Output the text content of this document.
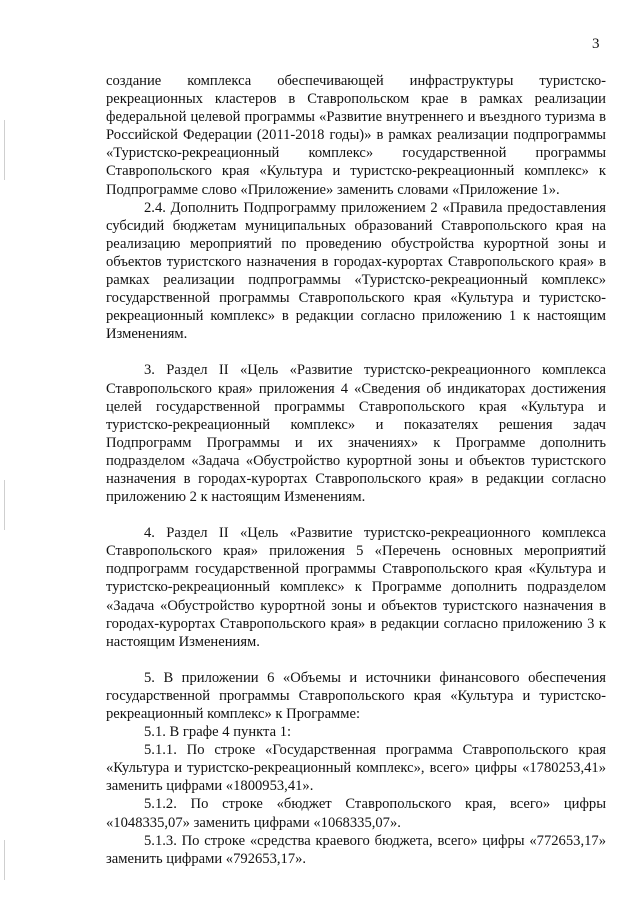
3

создание комплекса обеспечивающей инфраструктуры туристско-рекреационных кластеров в Ставропольском крае в рамках реализации федеральной целевой программы «Развитие внутреннего и въездного туризма в Российской Федерации (2011-2018 годы)» в рамках реализации подпрограммы «Туристско-рекреационный комплекс» государственной программы Ставропольского края «Культура и туристско-рекреационный комплекс» к Подпрограмме слово «Приложение» заменить словами «Приложение 1».

2.4. Дополнить Подпрограмму приложением 2 «Правила предоставления субсидий бюджетам муниципальных образований Ставропольского края на реализацию мероприятий по проведению обустройства курортной зоны и объектов туристского назначения в городах-курортах Ставропольского края» в рамках реализации подпрограммы «Туристско-рекреационный комплекс» государственной программы Ставропольского края «Культура и туристско-рекреационный комплекс» в редакции согласно приложению 1 к настоящим Изменениям.

3. Раздел II «Цель «Развитие туристско-рекреационного комплекса Ставропольского края» приложения 4 «Сведения об индикаторах достижения целей государственной программы Ставропольского края «Культура и туристско-рекреационный комплекс» и показателях решения задач Подпрограмм Программы и их значениях» к Программе дополнить подразделом «Задача «Обустройство курортной зоны и объектов туристского назначения в городах-курортах Ставропольского края» в редакции согласно приложению 2 к настоящим Изменениям.

4. Раздел II «Цель «Развитие туристско-рекреационного комплекса Ставропольского края» приложения 5 «Перечень основных мероприятий подпрограмм государственной программы Ставропольского края «Культура и туристско-рекреационный комплекс» к Программе дополнить подразделом «Задача «Обустройство курортной зоны и объектов туристского назначения в городах-курортах Ставропольского края» в редакции согласно приложению 3 к настоящим Изменениям.

5. В приложении 6 «Объемы и источники финансового обеспечения государственной программы Ставропольского края «Культура и туристско-рекреационный комплекс» к Программе:

5.1. В графе 4 пункта 1:

5.1.1. По строке «Государственная программа Ставропольского края «Культура и туристско-рекреационный комплекс», всего» цифры «1780253,41» заменить цифрами «1800953,41».

5.1.2. По строке «бюджет Ставропольского края, всего» цифры «1048335,07» заменить цифрами «1068335,07».

5.1.3. По строке «средства краевого бюджета, всего» цифры «772653,17» заменить цифрами «792653,17».
